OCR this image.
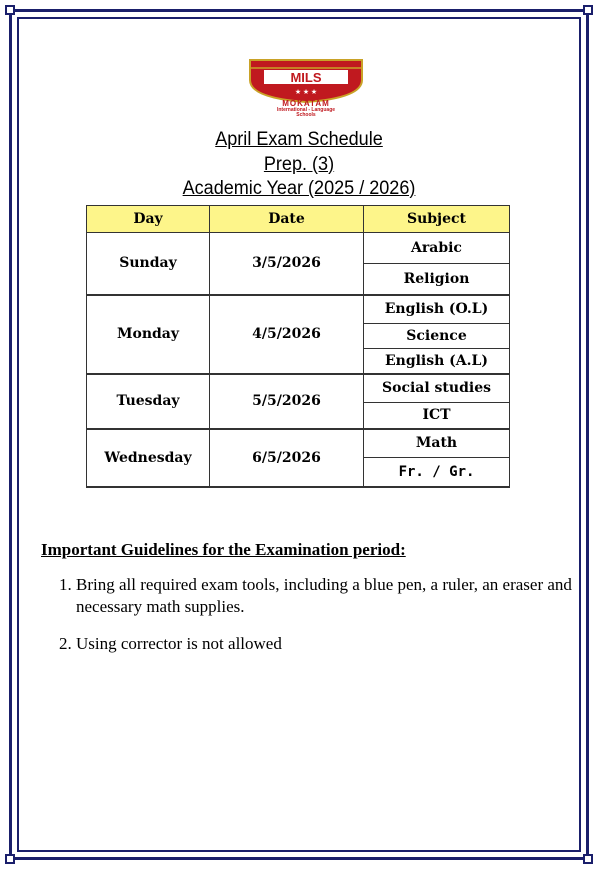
MILS
★ ★ ★
MOKATAM
International - Language
Schools
April Exam Schedule
Prep. (3)
Academic Year (2025 / 2026)
Day	Date	Subject
Sunday	3/5/2026	Arabic
		Religion
Monday	4/5/2026	English (O.L)
		Science
		English (A.L)
Tuesday	5/5/2026	Social studies
		ICT
Wednesday	6/5/2026	Math
		Fr. / Gr.
Important Guidelines for the Examination period:
1. Bring all required exam tools, including a blue pen, a ruler, an eraser and necessary math supplies.
2. Using corrector is not allowed
